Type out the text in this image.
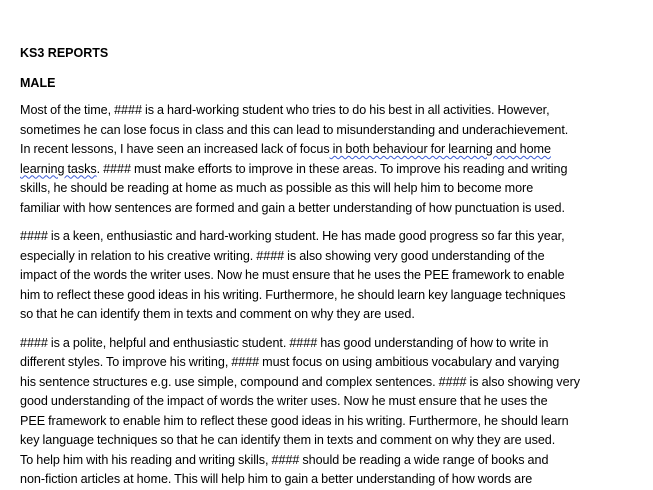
KS3 REPORTS

MALE

Most of the time, #### is a hard-working student who tries to do his best in all activities. However,
sometimes he can lose focus in class and this can lead to misunderstanding and underachievement.
In recent lessons, I have seen an increased lack of focus in both behaviour for learning and home
learning tasks. #### must make efforts to improve in these areas. To improve his reading and writing
skills, he should be reading at home as much as possible as this will help him to become more
familiar with how sentences are formed and gain a better understanding of how punctuation is used.

#### is a keen, enthusiastic and hard-working student. He has made good progress so far this year,
especially in relation to his creative writing. #### is also showing very good understanding of the
impact of the words the writer uses. Now he must ensure that he uses the PEE framework to enable
him to reflect these good ideas in his writing. Furthermore, he should learn key language techniques
so that he can identify them in texts and comment on why they are used.

#### is a polite, helpful and enthusiastic student. #### has good understanding of how to write in
different styles. To improve his writing, #### must focus on using ambitious vocabulary and varying
his sentence structures e.g. use simple, compound and complex sentences. #### is also showing very
good understanding of the impact of words the writer uses. Now he must ensure that he uses the
PEE framework to enable him to reflect these good ideas in his writing. Furthermore, he should learn
key language techniques so that he can identify them in texts and comment on why they are used.
To help him with his reading and writing skills, #### should be reading a wide range of books and
non-fiction articles at home. This will help him to gain a better understanding of how words are
